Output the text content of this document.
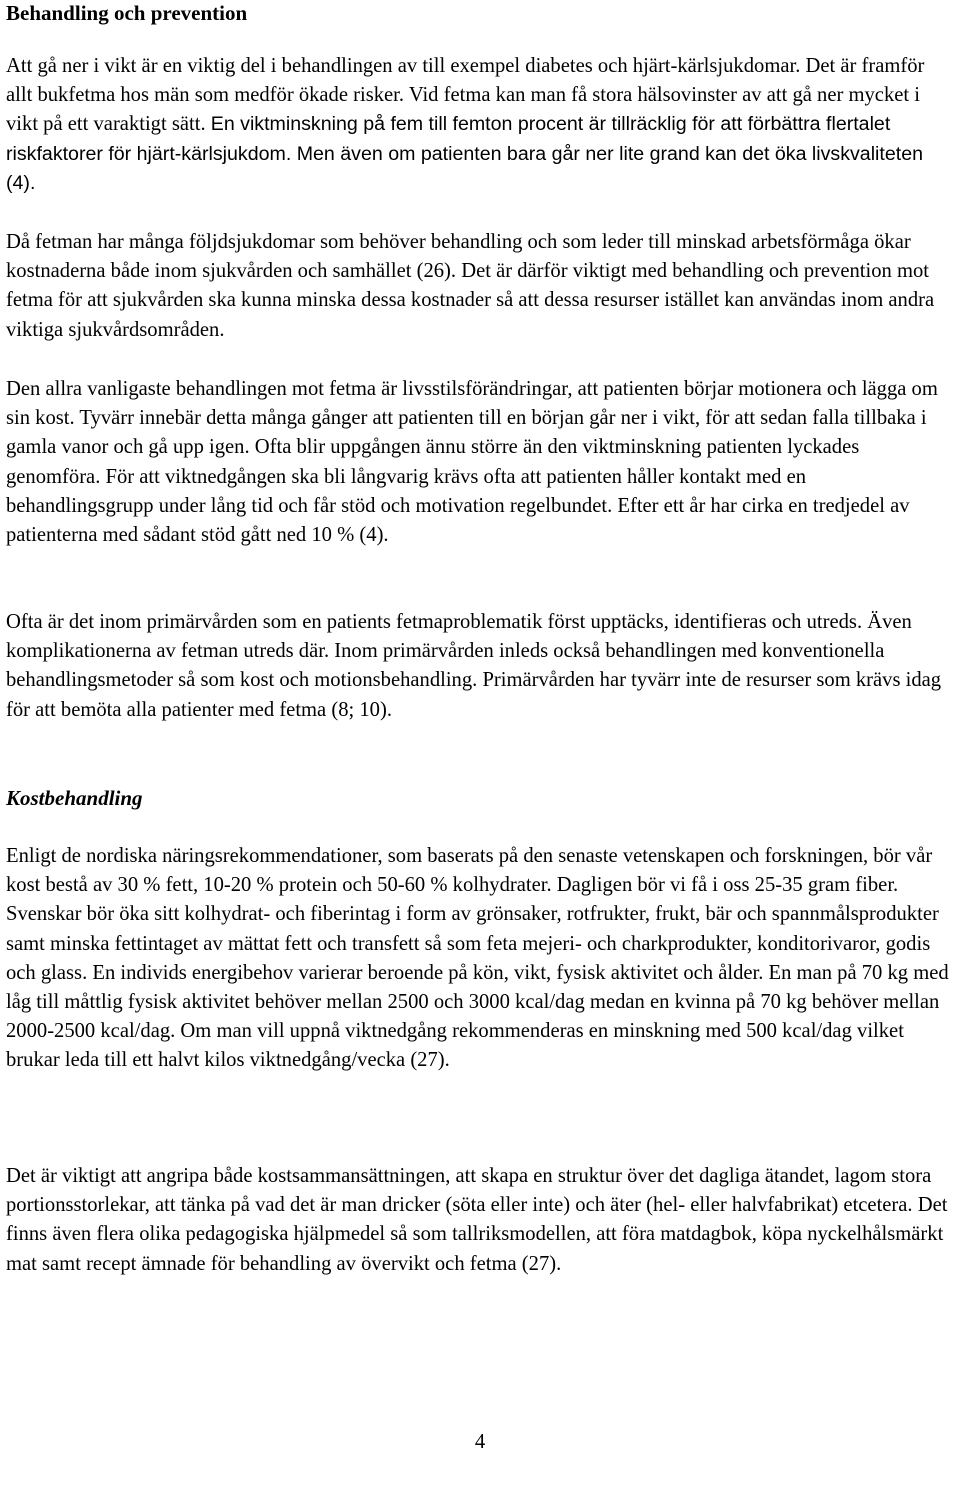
Behandling och prevention

Att gå ner i vikt är en viktig del i behandlingen av till exempel diabetes och hjärt-kärlsjukdomar. Det är framför allt bukfetma hos män som medför ökade risker. Vid fetma kan man få stora hälsovinster av att gå ner mycket i vikt på ett varaktigt sätt. En viktminskning på fem till femton procent är tillräcklig för att förbättra flertalet riskfaktorer för hjärt-kärlsjukdom. Men även om patienten bara går ner lite grand kan det öka livskvaliteten (4).

Då fetman har många följdsjukdomar som behöver behandling och som leder till minskad arbetsförmåga ökar kostnaderna både inom sjukvården och samhället (26). Det är därför viktigt med behandling och prevention mot fetma för att sjukvården ska kunna minska dessa kostnader så att dessa resurser istället kan användas inom andra viktiga sjukvårdsområden.

Den allra vanligaste behandlingen mot fetma är livsstilsförändringar, att patienten börjar motionera och lägga om sin kost. Tyvärr innebär detta många gånger att patienten till en början går ner i vikt, för att sedan falla tillbaka i gamla vanor och gå upp igen. Ofta blir uppgången ännu större än den viktminskning patienten lyckades genomföra. För att viktnedgången ska bli långvarig krävs ofta att patienten håller kontakt med en behandlingsgrupp under lång tid och får stöd och motivation regelbundet. Efter ett år har cirka en tredjedel av patienterna med sådant stöd gått ned 10 % (4).

Ofta är det inom primärvården som en patients fetmaproblematik först upptäcks, identifieras och utreds. Även komplikationerna av fetman utreds där. Inom primärvården inleds också behandlingen med konventionella behandlingsmetoder så som kost och motionsbehandling. Primärvården har tyvärr inte de resurser som krävs idag för att bemöta alla patienter med fetma (8; 10).

Kostbehandling

Enligt de nordiska näringsrekommendationer, som baserats på den senaste vetenskapen och forskningen, bör vår kost bestå av 30 % fett, 10-20 % protein och 50-60 % kolhydrater. Dagligen bör vi få i oss 25-35 gram fiber. Svenskar bör öka sitt kolhydrat- och fiberintag i form av grönsaker, rotfrukter, frukt, bär och spannmålsprodukter samt minska fettintaget av mättat fett och transfett så som feta mejeri- och charkprodukter, konditorivaror, godis och glass. En individs energibehov varierar beroende på kön, vikt, fysisk aktivitet och ålder. En man på 70 kg med låg till måttlig fysisk aktivitet behöver mellan 2500 och 3000 kcal/dag medan en kvinna på 70 kg behöver mellan 2000-2500 kcal/dag. Om man vill uppnå viktnedgång rekommenderas en minskning med 500 kcal/dag vilket brukar leda till ett halvt kilos viktnedgång/vecka (27).

Det är viktigt att angripa både kostsammansättningen, att skapa en struktur över det dagliga ätandet, lagom stora portionsstorlekar, att tänka på vad det är man dricker (söta eller inte) och äter (hel- eller halvfabrikat) etcetera. Det finns även flera olika pedagogiska hjälpmedel så som tallriksmodellen, att föra matdagbok, köpa nyckelhålsmärkt mat samt recept ämnade för behandling av övervikt och fetma (27).

4
